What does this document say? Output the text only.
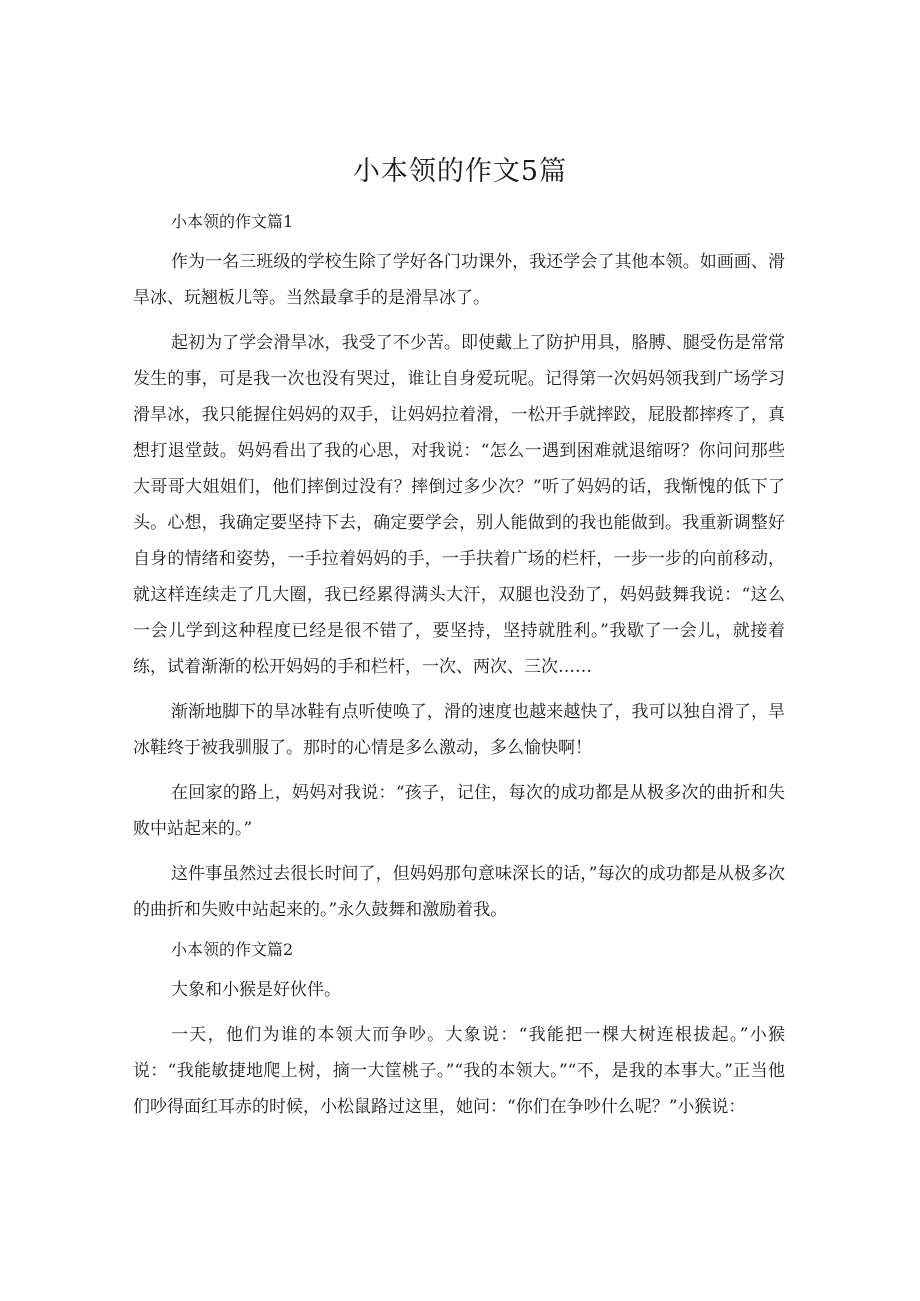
小本领的作文5篇
小本领的作文篇1

作为一名三班级的学校生除了学好各门功课外，我还学会了其他本领。如画画、滑旱冰、玩翘板儿等。当然最拿手的是滑旱冰了。

起初为了学会滑旱冰，我受了不少苦。即使戴上了防护用具，胳膊、腿受伤是常常发生的事，可是我一次也没有哭过，谁让自身爱玩呢。记得第一次妈妈领我到广场学习滑旱冰，我只能握住妈妈的双手，让妈妈拉着滑，一松开手就摔跤，屁股都摔疼了，真想打退堂鼓。妈妈看出了我的心思，对我说：“怎么一遇到困难就退缩呀？你问问那些大哥哥大姐姐们，他们摔倒过没有？摔倒过多少次？”听了妈妈的话，我惭愧的低下了头。心想，我确定要坚持下去，确定要学会，别人能做到的我也能做到。我重新调整好自身的情绪和姿势，一手拉着妈妈的手，一手扶着广场的栏杆，一步一步的向前移动，就这样连续走了几大圈，我已经累得满头大汗，双腿也没劲了，妈妈鼓舞我说：“这么一会儿学到这种程度已经是很不错了，要坚持，坚持就胜利。”我歇了一会儿，就接着练，试着渐渐的松开妈妈的手和栏杆，一次、两次、三次……

渐渐地脚下的旱冰鞋有点听使唤了，滑的速度也越来越快了，我可以独自滑了，旱冰鞋终于被我驯服了。那时的心情是多么激动，多么愉快啊！

在回家的路上，妈妈对我说：“孩子，记住，每次的成功都是从极多次的曲折和失败中站起来的。”

这件事虽然过去很长时间了，但妈妈那句意味深长的话，”每次的成功都是从极多次的曲折和失败中站起来的。”永久鼓舞和激励着我。

小本领的作文篇2

大象和小猴是好伙伴。

一天，他们为谁的本领大而争吵。大象说：“我能把一棵大树连根拔起。”小猴说：“我能敏捷地爬上树，摘一大筐桃子。”“我的本领大。”“不，是我的本事大。”正当他们吵得面红耳赤的时候，小松鼠路过这里，她问：“你们在争吵什么呢？”小猴说：
